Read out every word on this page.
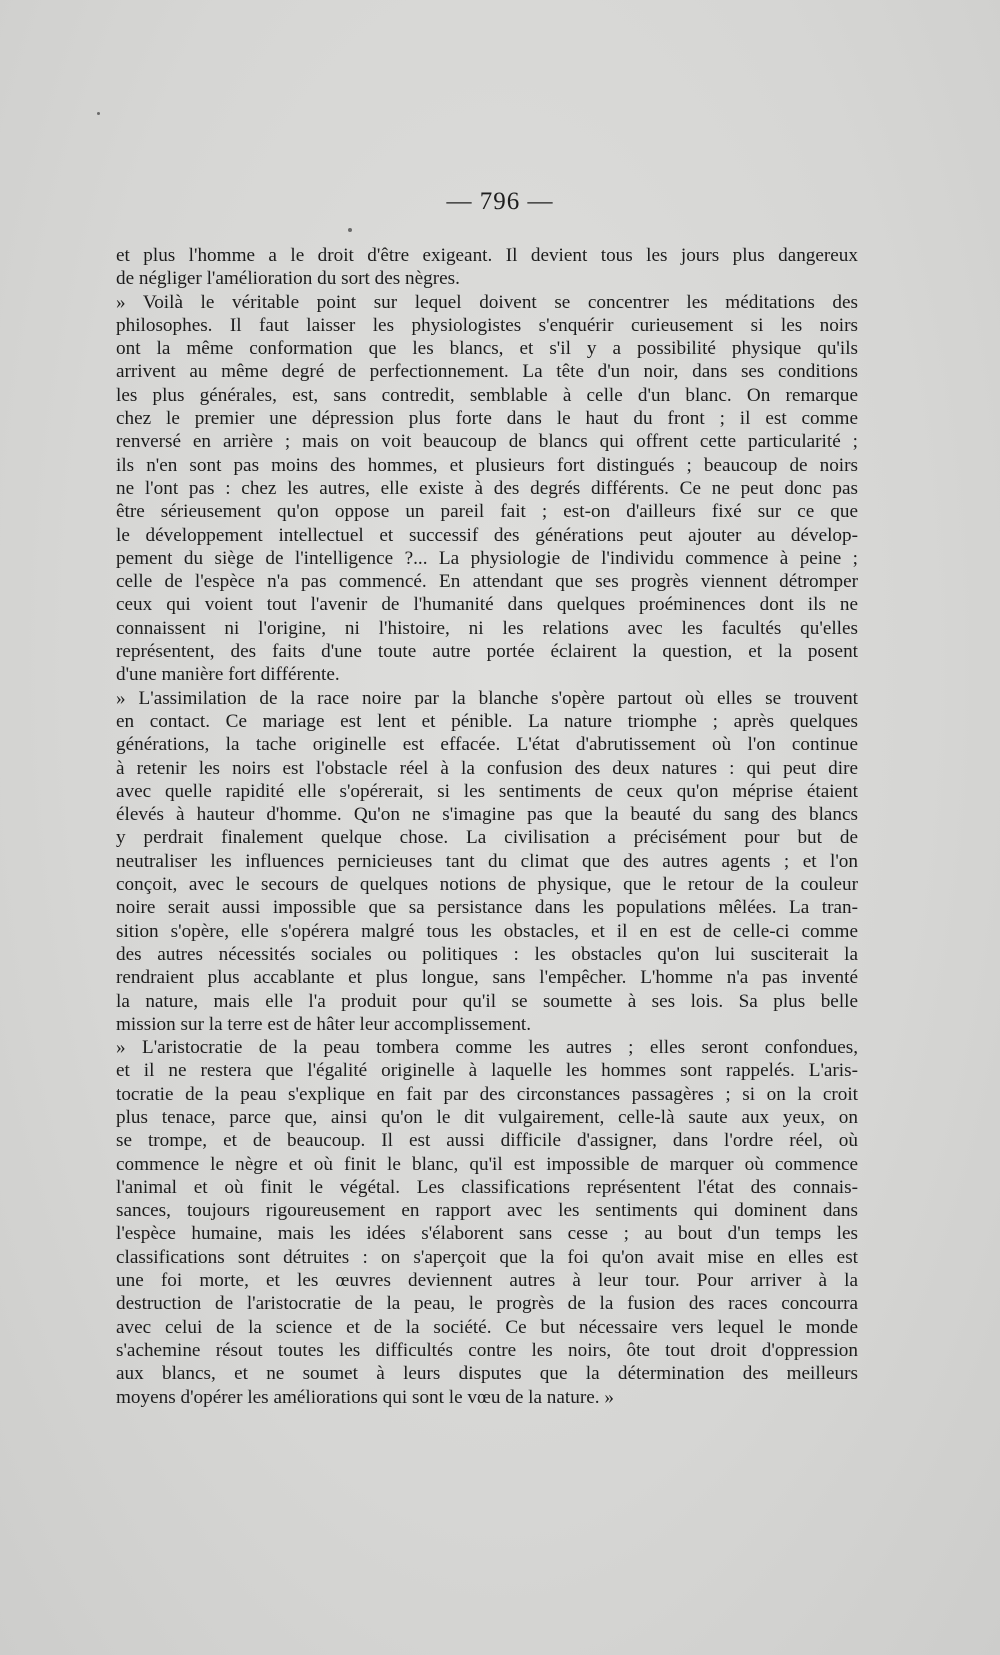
— 796 —
et plus l'homme a le droit d'être exigeant. Il devient tous les jours plus dangereux
de négliger l'amélioration du sort des nègres.
» Voilà le véritable point sur lequel doivent se concentrer les méditations des
philosophes. Il faut laisser les physiologistes s'enquérir curieusement si les noirs
ont la même conformation que les blancs, et s'il y a possibilité physique qu'ils
arrivent au même degré de perfectionnement. La tête d'un noir, dans ses conditions
les plus générales, est, sans contredit, semblable à celle d'un blanc. On remarque
chez le premier une dépression plus forte dans le haut du front ; il est comme
renversé en arrière ; mais on voit beaucoup de blancs qui offrent cette particularité ;
ils n'en sont pas moins des hommes, et plusieurs fort distingués ; beaucoup de noirs
ne l'ont pas : chez les autres, elle existe à des degrés différents. Ce ne peut donc pas
être sérieusement qu'on oppose un pareil fait ; est-on d'ailleurs fixé sur ce que
le développement intellectuel et successif des générations peut ajouter au dévelop-
pement du siège de l'intelligence ?... La physiologie de l'individu commence à peine ;
celle de l'espèce n'a pas commencé. En attendant que ses progrès viennent détromper
ceux qui voient tout l'avenir de l'humanité dans quelques proéminences dont ils ne
connaissent ni l'origine, ni l'histoire, ni les relations avec les facultés qu'elles
représentent, des faits d'une toute autre portée éclairent la question, et la posent
d'une manière fort différente.
» L'assimilation de la race noire par la blanche s'opère partout où elles se trouvent
en contact. Ce mariage est lent et pénible. La nature triomphe ; après quelques
générations, la tache originelle est effacée. L'état d'abrutissement où l'on continue
à retenir les noirs est l'obstacle réel à la confusion des deux natures : qui peut dire
avec quelle rapidité elle s'opérerait, si les sentiments de ceux qu'on méprise étaient
élevés à hauteur d'homme. Qu'on ne s'imagine pas que la beauté du sang des blancs
y perdrait finalement quelque chose. La civilisation a précisément pour but de
neutraliser les influences pernicieuses tant du climat que des autres agents ; et l'on
conçoit, avec le secours de quelques notions de physique, que le retour de la couleur
noire serait aussi impossible que sa persistance dans les populations mêlées. La tran-
sition s'opère, elle s'opérera malgré tous les obstacles, et il en est de celle-ci comme
des autres nécessités sociales ou politiques : les obstacles qu'on lui susciterait la
rendraient plus accablante et plus longue, sans l'empêcher. L'homme n'a pas inventé
la nature, mais elle l'a produit pour qu'il se soumette à ses lois. Sa plus belle
mission sur la terre est de hâter leur accomplissement.
» L'aristocratie de la peau tombera comme les autres ; elles seront confondues,
et il ne restera que l'égalité originelle à laquelle les hommes sont rappelés. L'aris-
tocratie de la peau s'explique en fait par des circonstances passagères ; si on la croit
plus tenace, parce que, ainsi qu'on le dit vulgairement, celle-là saute aux yeux, on
se trompe, et de beaucoup. Il est aussi difficile d'assigner, dans l'ordre réel, où
commence le nègre et où finit le blanc, qu'il est impossible de marquer où commence
l'animal et où finit le végétal. Les classifications représentent l'état des connais-
sances, toujours rigoureusement en rapport avec les sentiments qui dominent dans
l'espèce humaine, mais les idées s'élaborent sans cesse ; au bout d'un temps les
classifications sont détruites : on s'aperçoit que la foi qu'on avait mise en elles est
une foi morte, et les œuvres deviennent autres à leur tour. Pour arriver à la
destruction de l'aristocratie de la peau, le progrès de la fusion des races concourra
avec celui de la science et de la société. Ce but nécessaire vers lequel le monde
s'achemine résout toutes les difficultés contre les noirs, ôte tout droit d'oppression
aux blancs, et ne soumet à leurs disputes que la détermination des meilleurs
moyens d'opérer les améliorations qui sont le vœu de la nature. »
